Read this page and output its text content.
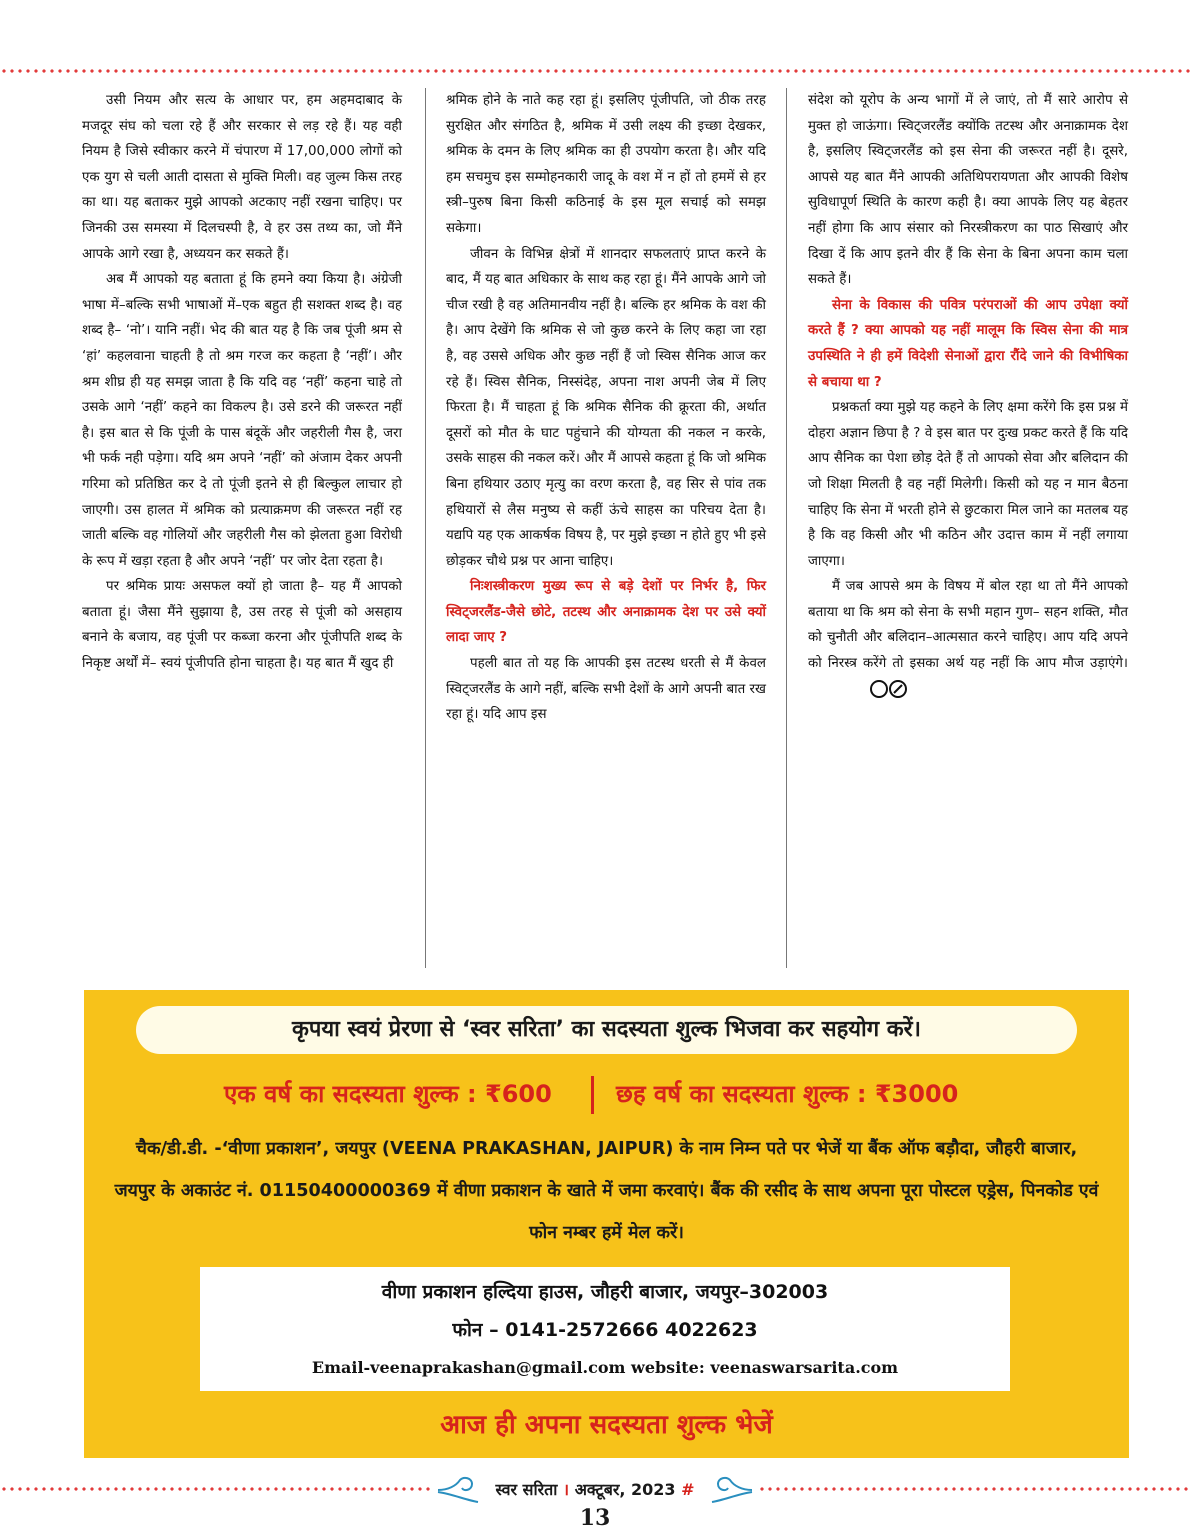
उसी नियम और सत्य के आधार पर, हम अहमदाबाद के मजदूर संघ को चला रहे हैं और सरकार से लड़ रहे हैं। यह वही नियम है जिसे स्वीकार करने में चंपारण में 17,00,000 लोगों को एक युग से चली आती दासता से मुक्ति मिली। वह जुल्म किस तरह का था। यह बताकर मुझे आपको अटकाए नहीं रखना चाहिए। पर जिनकी उस समस्या में दिलचस्पी है, वे हर उस तथ्य का, जो मैंने आपके आगे रखा है, अध्ययन कर सकते हैं।

अब मैं आपको यह बताता हूं कि हमने क्या किया है। अंग्रेजी भाषा में–बल्कि सभी भाषाओं में–एक बहुत ही सशक्त शब्द है। वह शब्द है– ‘नो’। यानि नहीं। भेद की बात यह है कि जब पूंजी श्रम से ‘हां’ कहलवाना चाहती है तो श्रम गरज कर कहता है ‘नहीं’। और श्रम शीघ्र ही यह समझ जाता है कि यदि वह ‘नहीं’ कहना चाहे तो उसके आगे ‘नहीं’ कहने का विकल्प है। उसे डरने की जरूरत नहीं है। इस बात से कि पूंजी के पास बंदूकें और जहरीली गैस है, जरा भी फर्क नही पड़ेगा। यदि श्रम अपने ‘नहीं’ को अंजाम देकर अपनी गरिमा को प्रतिष्ठित कर दे तो पूंजी इतने से ही बिल्कुल लाचार हो जाएगी। उस हालत में श्रमिक को प्रत्याक्रमण की जरूरत नहीं रह जाती बल्कि वह गोलियों और जहरीली गैस को झेलता हुआ विरोधी के रूप में खड़ा रहता है और अपने ‘नहीं’ पर जोर देता रहता है।

पर श्रमिक प्रायः असफल क्यों हो जाता है– यह मैं आपको बताता हूं। जैसा मैंने सुझाया है, उस तरह से पूंजी को असहाय बनाने के बजाय, वह पूंजी पर कब्जा करना और पूंजीपति शब्द के निकृष्ट अर्थों में– स्वयं पूंजीपति होना चाहता है। यह बात मैं खुद ही

श्रमिक होने के नाते कह रहा हूं। इसलिए पूंजीपति, जो ठीक तरह सुरक्षित और संगठित है, श्रमिक में उसी लक्ष्य की इच्छा देखकर, श्रमिक के दमन के लिए श्रमिक का ही उपयोग करता है। और यदि हम सचमुच इस सम्मोहनकारी जादू के वश में न हों तो हममें से हर स्त्री–पुरुष बिना किसी कठिनाई के इस मूल सचाई को समझ सकेगा।

जीवन के विभिन्न क्षेत्रों में शानदार सफलताएं प्राप्त करने के बाद, मैं यह बात अधिकार के साथ कह रहा हूं। मैंने आपके आगे जो चीज रखी है वह अतिमानवीय नहीं है। बल्कि हर श्रमिक के वश की है। आप देखेंगे कि श्रमिक से जो कुछ करने के लिए कहा जा रहा है, वह उससे अधिक और कुछ नहीं हैं जो स्विस सैनिक आज कर रहे हैं। स्विस सैनिक, निस्संदेह, अपना नाश अपनी जेब में लिए फिरता है। मैं चाहता हूं कि श्रमिक सैनिक की क्रूरता की, अर्थात दूसरों को मौत के घाट पहुंचाने की योग्यता की नकल न करके, उसके साहस की नकल करें। और मैं आपसे कहता हूं कि जो श्रमिक बिना हथियार उठाए मृत्यु का वरण करता है, वह सिर से पांव तक हथियारों से लैस मनुष्य से कहीं ऊंचे साहस का परिचय देता है। यद्यपि यह एक आकर्षक विषय है, पर मुझे इच्छा न होते हुए भी इसे छोड़कर चौथे प्रश्न पर आना चाहिए।

निःशस्त्रीकरण मुख्य रूप से बड़े देशों पर निर्भर है, फिर स्विट्जरलैंड-जैसे छोटे, तटस्थ और अनाक्रामक देश पर उसे क्यों लादा जाए ?

पहली बात तो यह कि आपकी इस तटस्थ धरती से मैं केवल स्विट्जरलैंड के आगे नहीं, बल्कि सभी देशों के आगे अपनी बात रख रहा हूं। यदि आप इस

संदेश को यूरोप के अन्य भागों में ले जाएं, तो मैं सारे आरोप से मुक्त हो जाऊंगा। स्विट्जरलैंड क्योंकि तटस्थ और अनाक्रामक देश है, इसलिए स्विट्जरलैंड को इस सेना की जरूरत नहीं है। दूसरे, आपसे यह बात मैंने आपकी अतिथिपरायणता और आपकी विशेष सुविधापूर्ण स्थिति के कारण कही है। क्या आपके लिए यह बेहतर नहीं होगा कि आप संसार को निरस्त्रीकरण का पाठ सिखाएं और दिखा दें कि आप इतने वीर हैं कि सेना के बिना अपना काम चला सकते हैं।

सेना के विकास की पवित्र परंपराओं की आप उपेक्षा क्यों करते हैं ? क्या आपको यह नहीं मालूम कि स्विस सेना की मात्र उपस्थिति ने ही हमें विदेशी सेनाओं द्वारा रौंदे जाने की विभीषिका से बचाया था ?

प्रश्नकर्ता क्या मुझे यह कहने के लिए क्षमा करेंगे कि इस प्रश्न में दोहरा अज्ञान छिपा है ? वे इस बात पर दुःख प्रकट करते हैं कि यदि आप सैनिक का पेशा छोड़ देते हैं तो आपको सेवा और बलिदान की जो शिक्षा मिलती है वह नहीं मिलेगी। किसी को यह न मान बैठना चाहिए कि सेना में भरती होने से छुटकारा मिल जाने का मतलब यह है कि वह किसी और भी कठिन और उदात्त काम में नहीं लगाया जाएगा।

मैं जब आपसे श्रम के विषय में बोल रहा था तो मैंने आपको बताया था कि श्रम को सेना के सभी महान गुण– सहन शक्ति, मौत को चुनौती और बलिदान–आत्मसात करने चाहिए। आप यदि अपने को निरस्त्र करेंगे तो इसका अर्थ यह नहीं कि आप मौज उड़ाएंगे।

कृपया स्वयं प्रेरणा से ‘स्वर सरिता’ का सदस्यता शुल्क भिजवा कर सहयोग करें।
एक वर्ष का सदस्यता शुल्क : ₹600	छह वर्ष का सदस्यता शुल्क : ₹3000
चैक/डी.डी. -‘वीणा प्रकाशन’, जयपुर (VEENA PRAKASHAN, JAIPUR) के नाम निम्न पते पर भेजें या बैंक ऑफ बड़ौदा, जौहरी बाजार, जयपुर के अकाउंट नं. 01150400000369 में वीणा प्रकाशन के खाते में जमा करवाएं। बैंक की रसीद के साथ अपना पूरा पोस्टल एड्रेस, पिनकोड एवं फोन नम्बर हमें मेल करें।
वीणा प्रकाशन हल्दिया हाउस, जौहरी बाजार, जयपुर–302003
फोन – 0141-2572666 4022623
Email-veenaprakashan@gmail.com website: veenaswarsarita.com
आज ही अपना सदस्यता शुल्क भेजें
स्वर सरिता । अक्टूबर, 2023 # 13
